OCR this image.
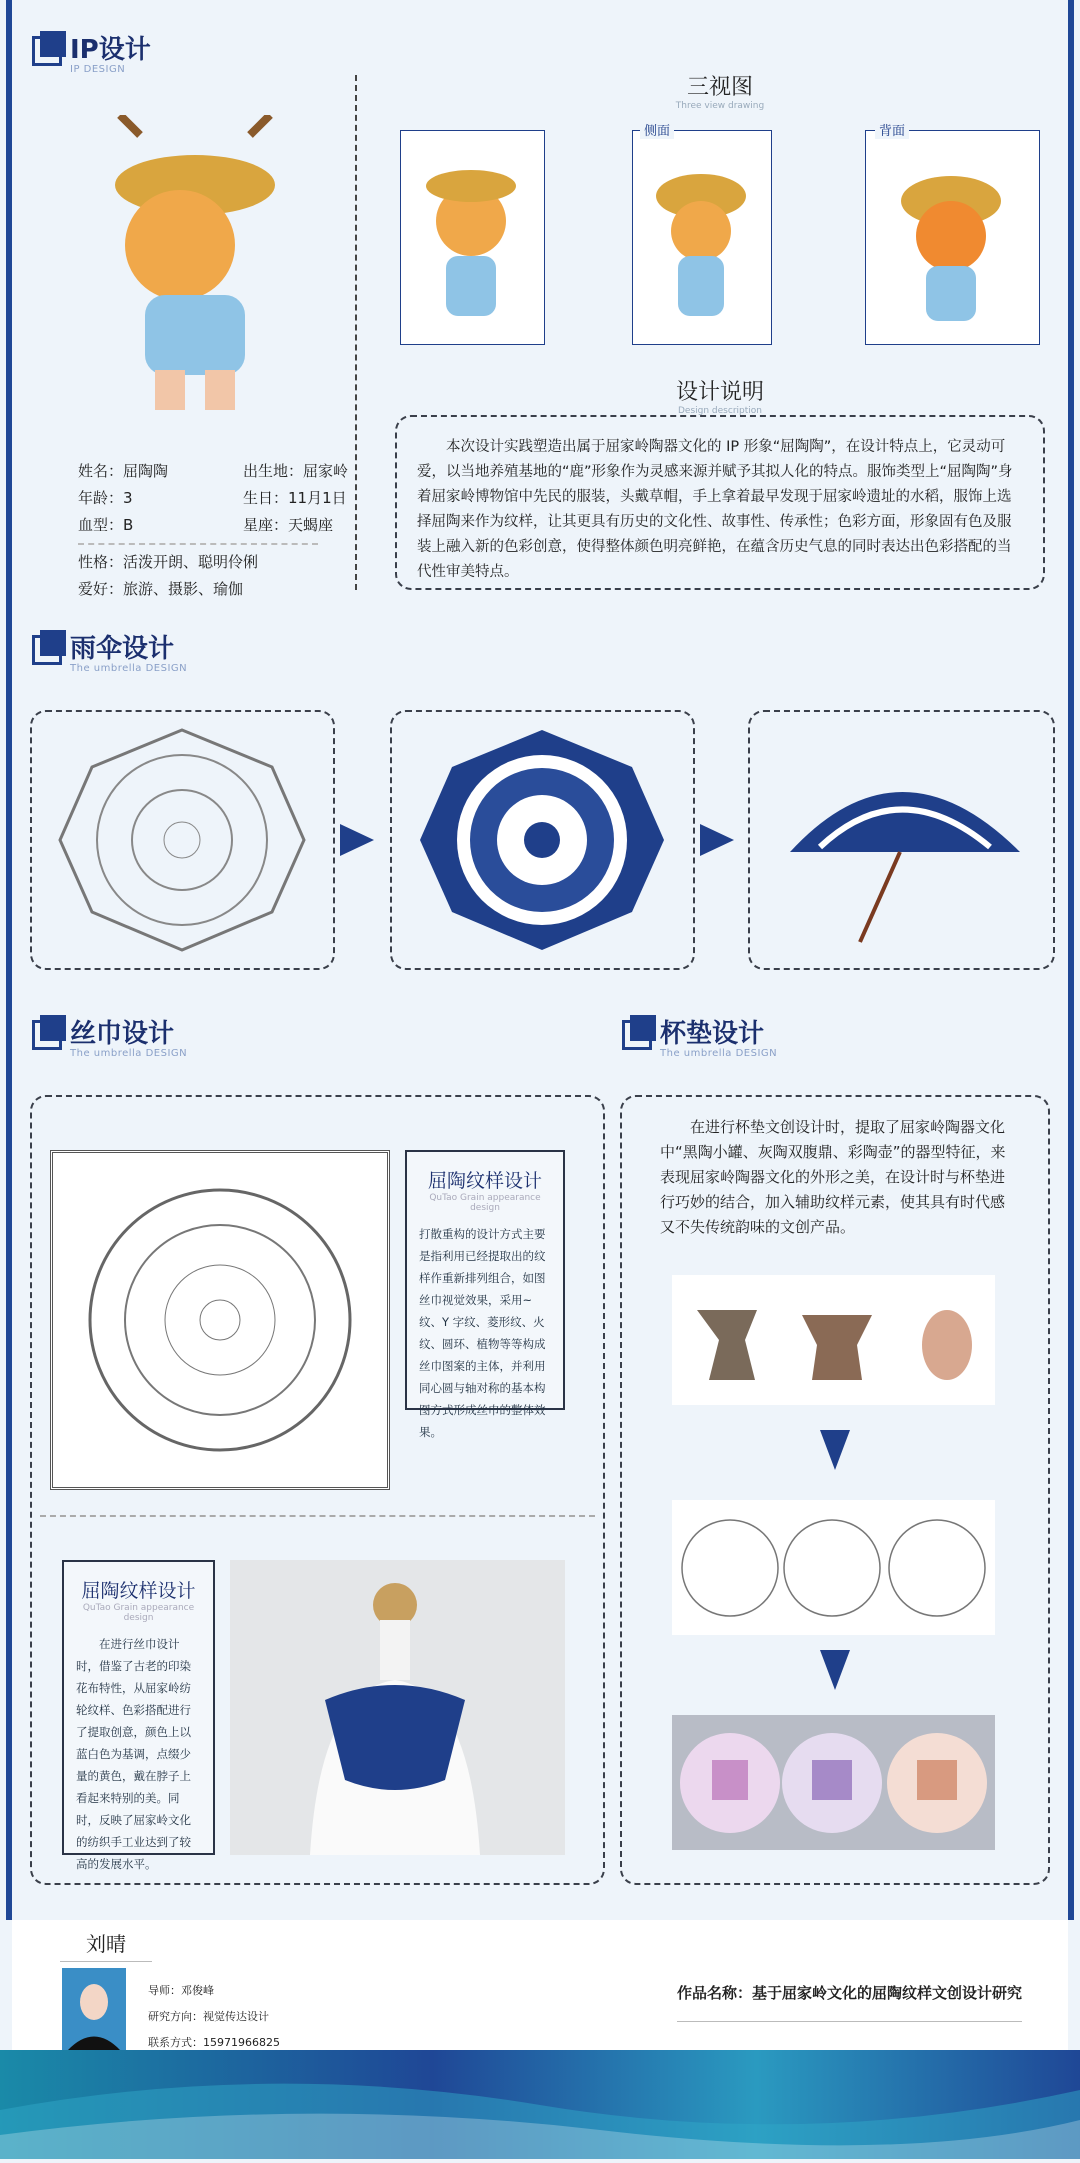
IP设计
IP DESIGN
姓名：屈陶陶	出生地：屈家岭
年龄：3	生日：11月1日
血型：B	星座：天蝎座
性格：活泼开朗、聪明伶俐
爱好：旅游、摄影、瑜伽
三视图
Three view drawing
侧面	背面
设计说明
Design description
本次设计实践塑造出属于屈家岭陶器文化的 IP 形象“屈陶陶”，在设计特点上，它灵动可爱，以当地养殖基地的“鹿”形象作为灵感来源并赋予其拟人化的特点。服饰类型上“屈陶陶”身着屈家岭博物馆中先民的服装，头戴草帽，手上拿着最早发现于屈家岭遗址的水稻，服饰上选择屈陶来作为纹样，让其更具有历史的文化性、故事性、传承性；色彩方面，形象固有色及服装上融入新的色彩创意，使得整体颜色明亮鲜艳，在蕴含历史气息的同时表达出色彩搭配的当代性审美特点。
雨伞设计
The umbrella DESIGN
丝巾设计
The umbrella DESIGN
屈陶纹样设计
QuTao Grain appearance design

打散重构的设计方式主要是指利用已经提取出的纹样作重新排列组合，如图丝巾视觉效果，采用~纹、Y 字纹、菱形纹、火纹、圆环、植物等等构成丝巾图案的主体，并利用同心圆与轴对称的基本构图方式形成丝巾的整体效果。

屈陶纹样设计
QuTao Grain appearance design

在进行丝巾设计时，借鉴了古老的印染花布特性，从屈家岭纺轮纹样、色彩搭配进行了提取创意，颜色上以蓝白色为基调，点缀少量的黄色，戴在脖子上看起来特别的美。同时，反映了屈家岭文化的纺织手工业达到了较高的发展水平。

杯垫设计
The umbrella DESIGN
在进行杯垫文创设计时，提取了屈家岭陶器文化中“黑陶小罐、灰陶双腹鼎、彩陶壶”的器型特征，来表现屈家岭陶器文化的外形之美，在设计时与杯垫进行巧妙的结合，加入辅助纹样元素，使其具有时代感又不失传统韵味的文创产品。
刘晴
导师：邓俊峰
研究方向：视觉传达设计
联系方式：15971966825
作品名称：基于屈家岭文化的屈陶纹样文创设计研究
